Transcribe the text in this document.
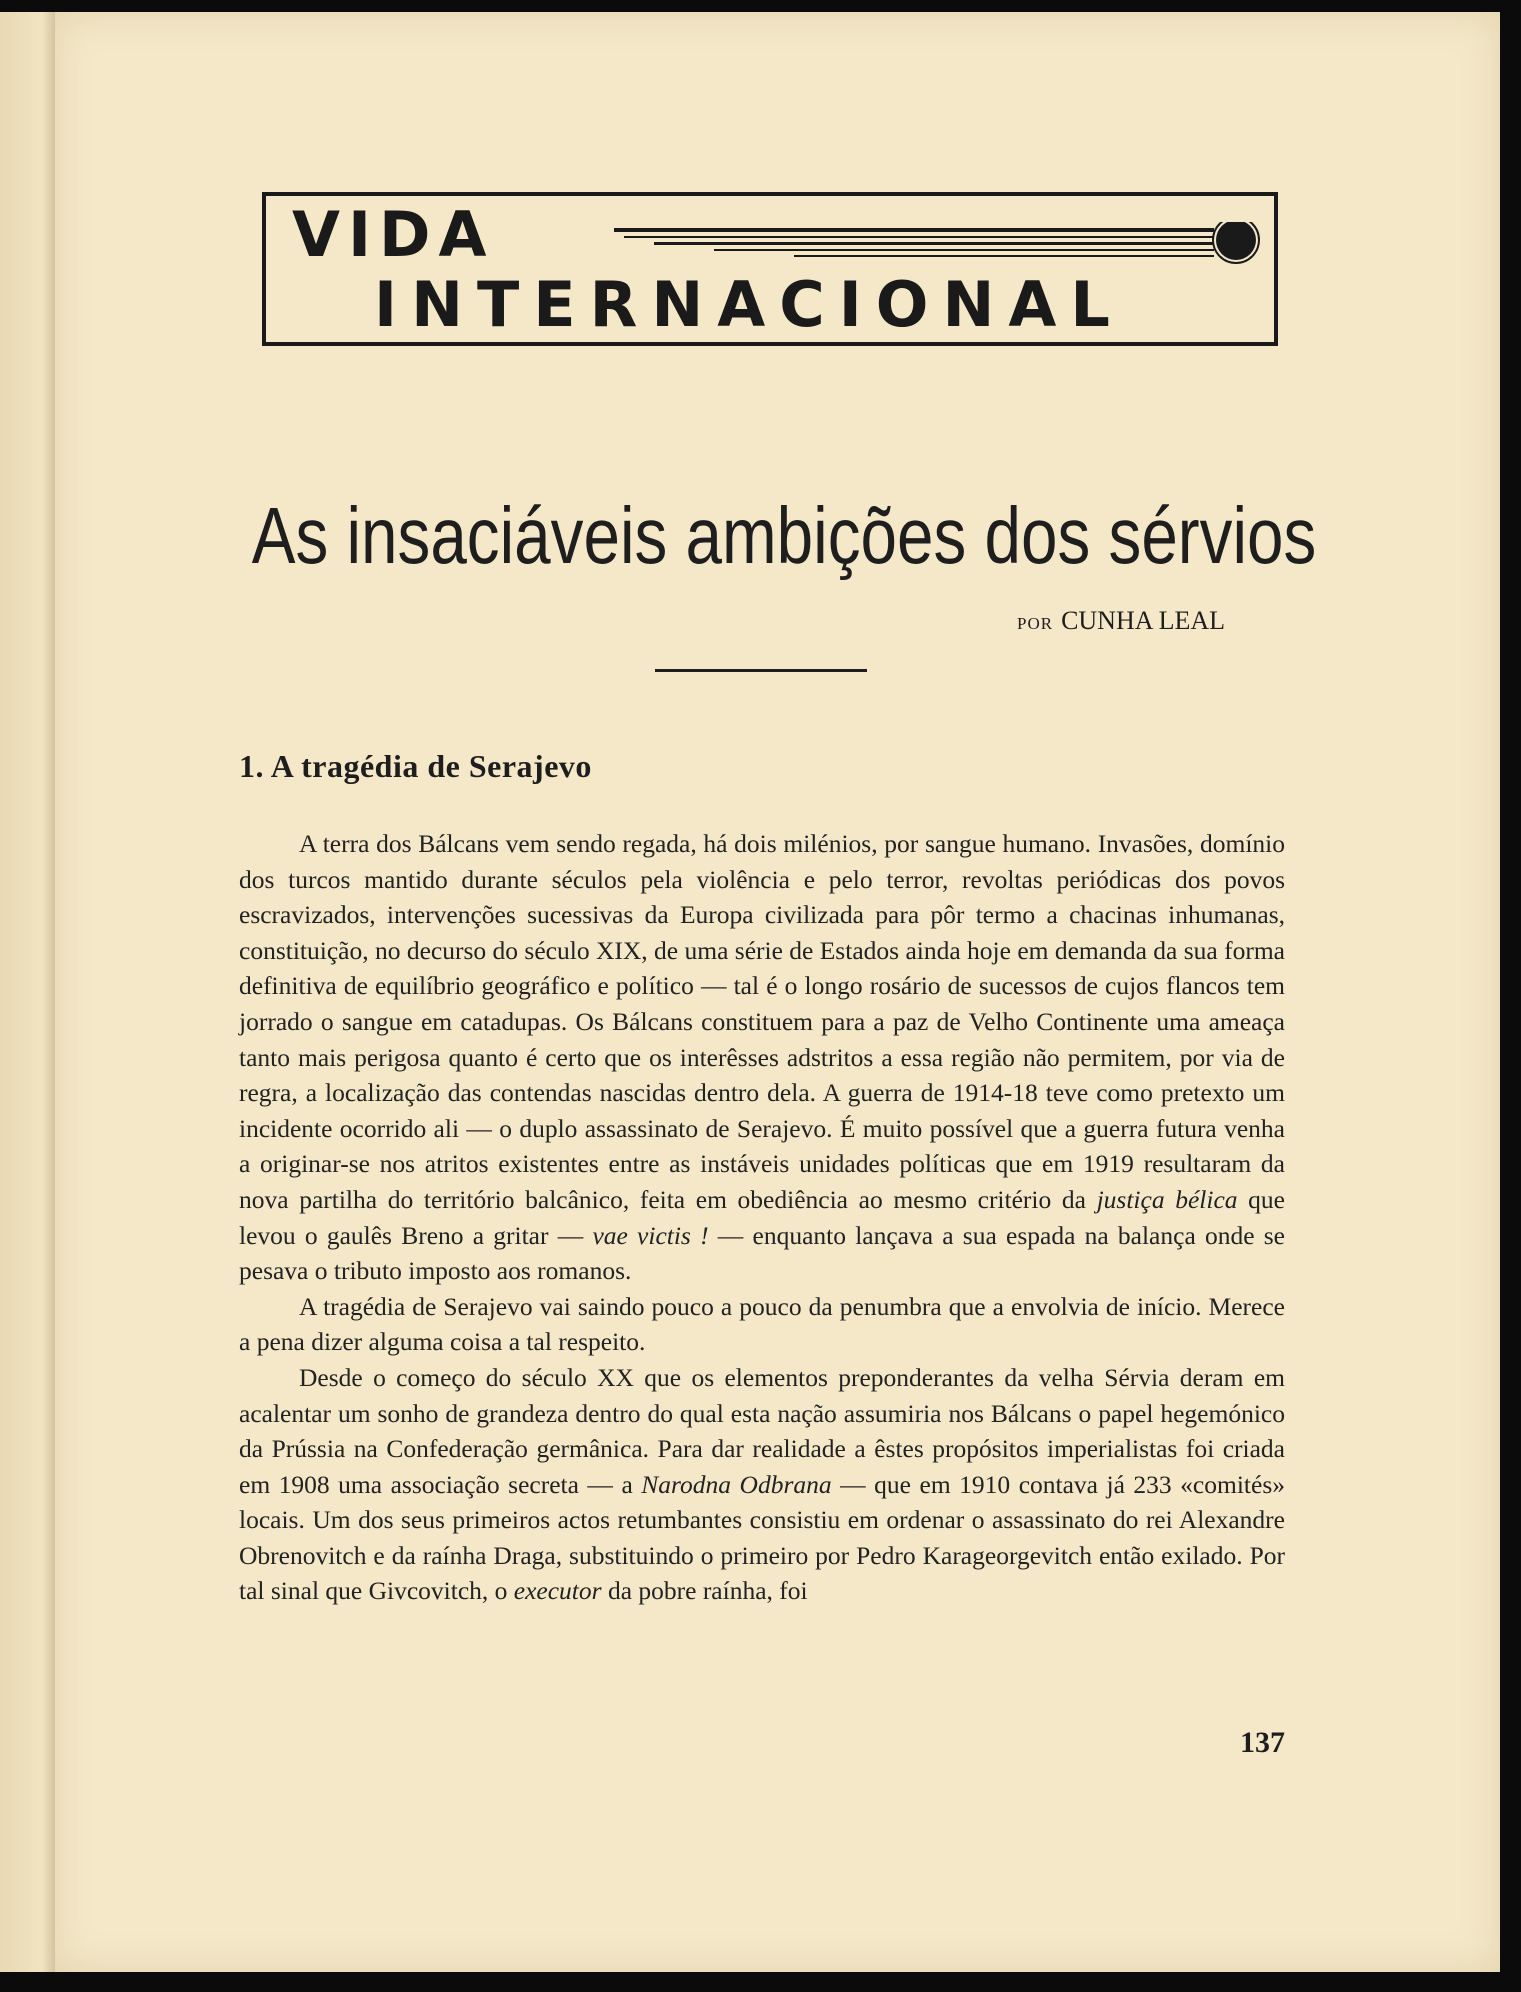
VIDA
INTERNACIONAL
As insaciáveis ambições dos sérvios
POR CUNHA LEAL
1. A tragédia de Serajevo

A terra dos Bálcans vem sendo regada, há dois milénios, por sangue humano. Invasões, domínio dos turcos mantido durante séculos pela violência e pelo terror, revoltas periódicas dos povos escravizados, intervenções sucessivas da Europa civilizada para pôr termo a chacinas inhumanas, constituição, no decurso do século XIX, de uma série de Estados ainda hoje em demanda da sua forma definitiva de equilíbrio geográfico e político — tal é o longo rosário de sucessos de cujos flancos tem jorrado o sangue em catadupas. Os Bálcans constituem para a paz de Velho Continente uma ameaça tanto mais perigosa quanto é certo que os interêsses adstritos a essa região não permitem, por via de regra, a localização das contendas nascidas dentro dela. A guerra de 1914-18 teve como pretexto um incidente ocorrido ali — o duplo assassinato de Serajevo. É muito possível que a guerra futura venha a originar-se nos atritos existentes entre as instáveis unidades políticas que em 1919 resultaram da nova partilha do território balcânico, feita em obediência ao mesmo critério da justiça bélica que levou o gaulês Breno a gritar — vae victis ! — enquanto lançava a sua espada na balança onde se pesava o tributo imposto aos romanos.

A tragédia de Serajevo vai saindo pouco a pouco da penumbra que a envolvia de início. Merece a pena dizer alguma coisa a tal respeito.

Desde o começo do século XX que os elementos preponderantes da velha Sérvia deram em acalentar um sonho de grandeza dentro do qual esta nação assumiria nos Bálcans o papel hegemónico da Prússia na Confederação germânica. Para dar realidade a êstes propósitos imperialistas foi criada em 1908 uma associação secreta — a Narodna Odbrana — que em 1910 contava já 233 «comités» locais. Um dos seus primeiros actos retumbantes consistiu em ordenar o assassinato do rei Alexandre Obrenovitch e da raínha Draga, substituindo o primeiro por Pedro Karageorgevitch então exilado. Por tal sinal que Givcovitch, o executor da pobre raínha, foi

137
